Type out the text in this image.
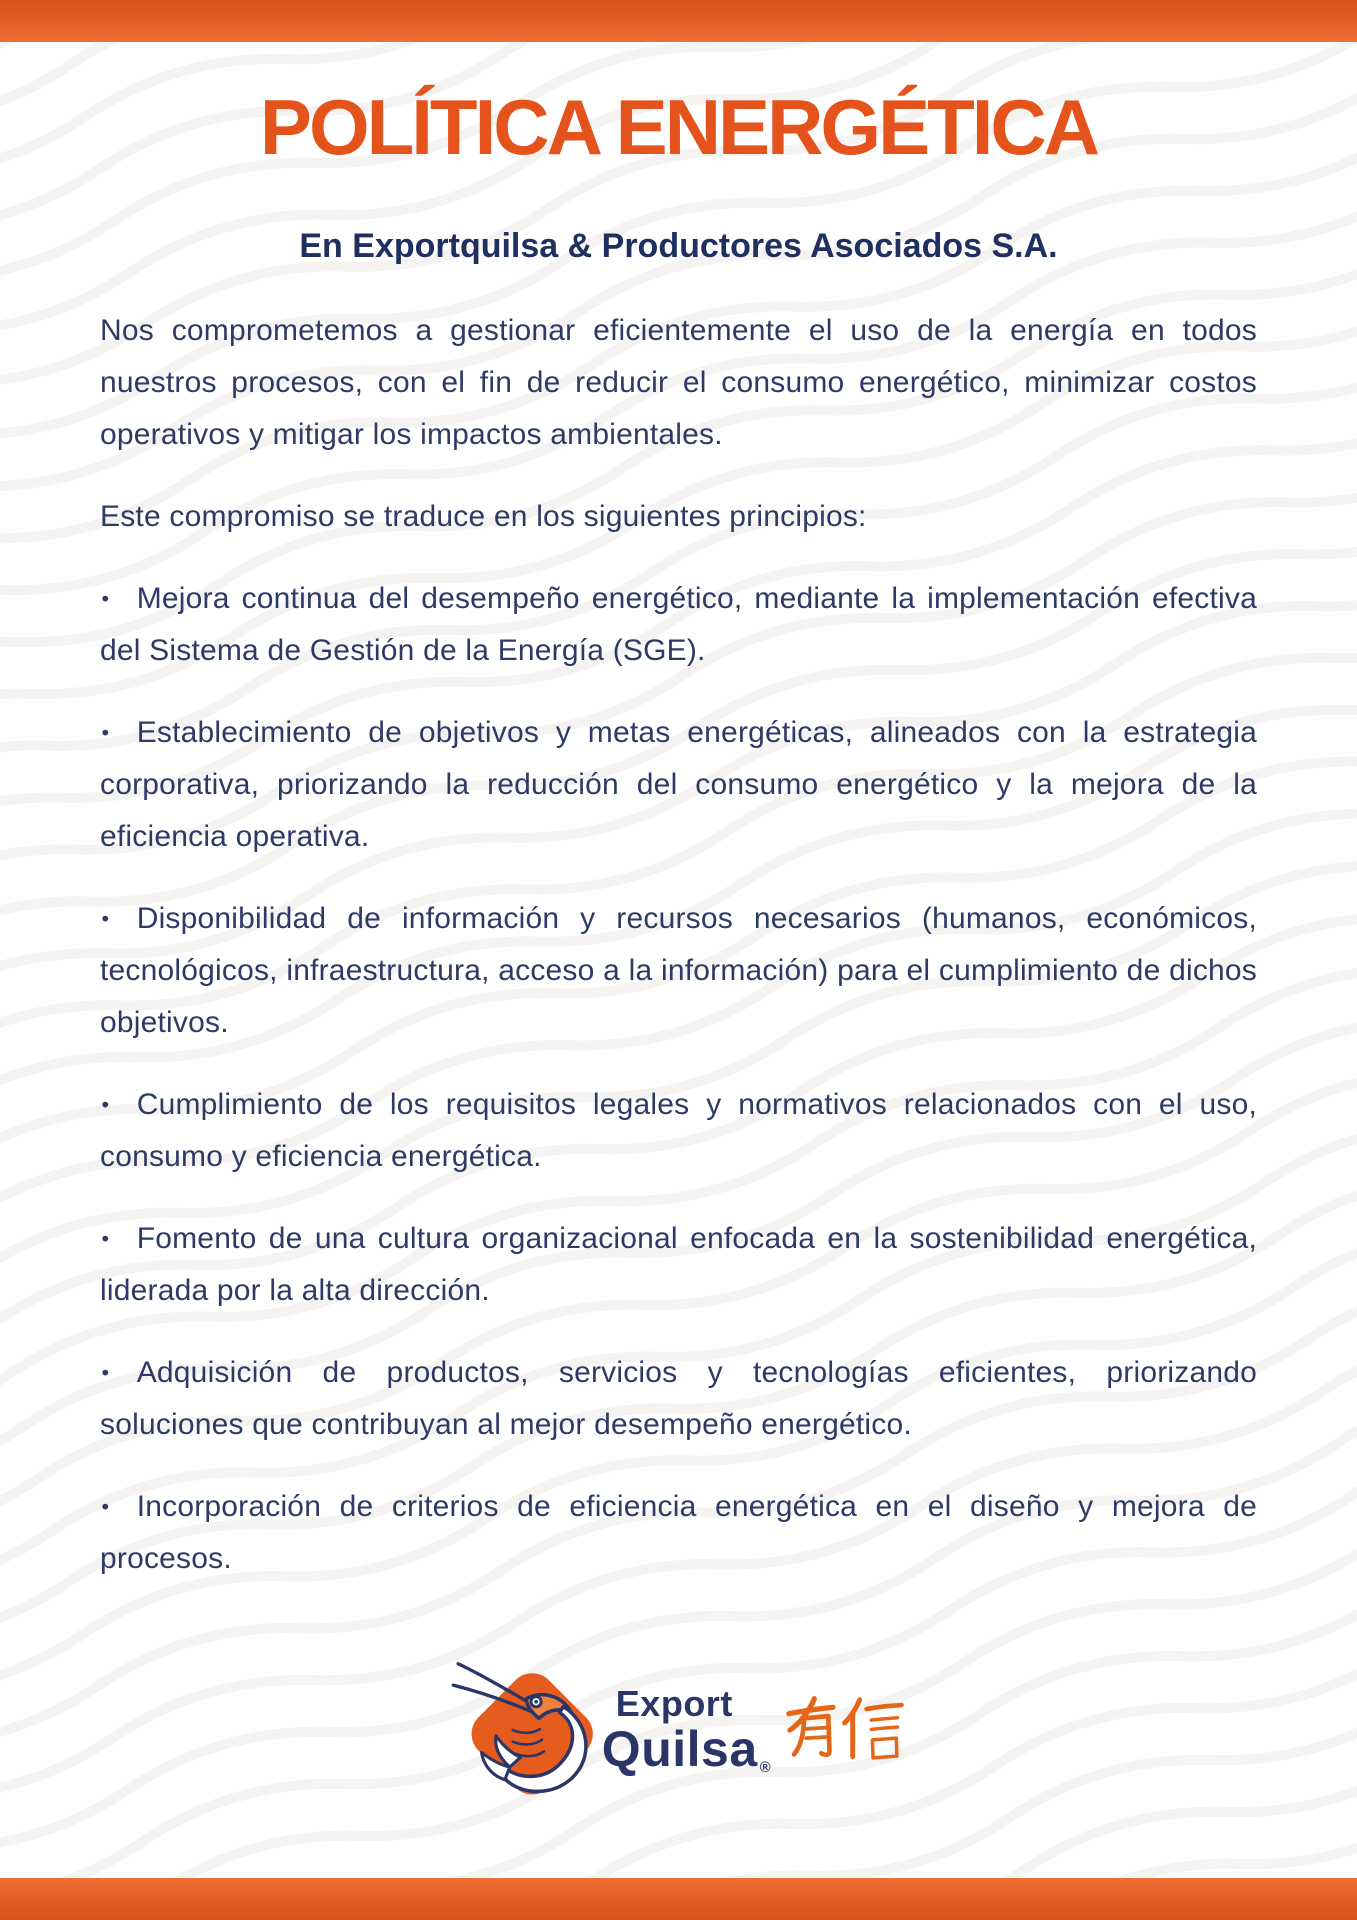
POLÍTICA ENERGÉTICA
En Exportquilsa & Productores Asociados S.A.

Nos comprometemos a gestionar eficientemente el uso de la energía en todos nuestros procesos, con el fin de reducir el consumo energético, minimizar costos operativos y mitigar los impactos ambientales.

Este compromiso se traduce en los siguientes principios:

• Mejora continua del desempeño energético, mediante la implementación efectiva del Sistema de Gestión de la Energía (SGE).

• Establecimiento de objetivos y metas energéticas, alineados con la estrategia corporativa, priorizando la reducción del consumo energético y la mejora de la eficiencia operativa.

• Disponibilidad de información y recursos necesarios (humanos, económicos, tecnológicos, infraestructura, acceso a la información) para el cumplimiento de dichos objetivos.

• Cumplimiento de los requisitos legales y normativos relacionados con el uso, consumo y eficiencia energética.

• Fomento de una cultura organizacional enfocada en la sostenibilidad energética, liderada por la alta dirección.

• Adquisición de productos, servicios y tecnologías eficientes, priorizando soluciones que contribuyan al mejor desempeño energético.

• Incorporación de criterios de eficiencia energética en el diseño y mejora de procesos.

Export
Quilsa ®
